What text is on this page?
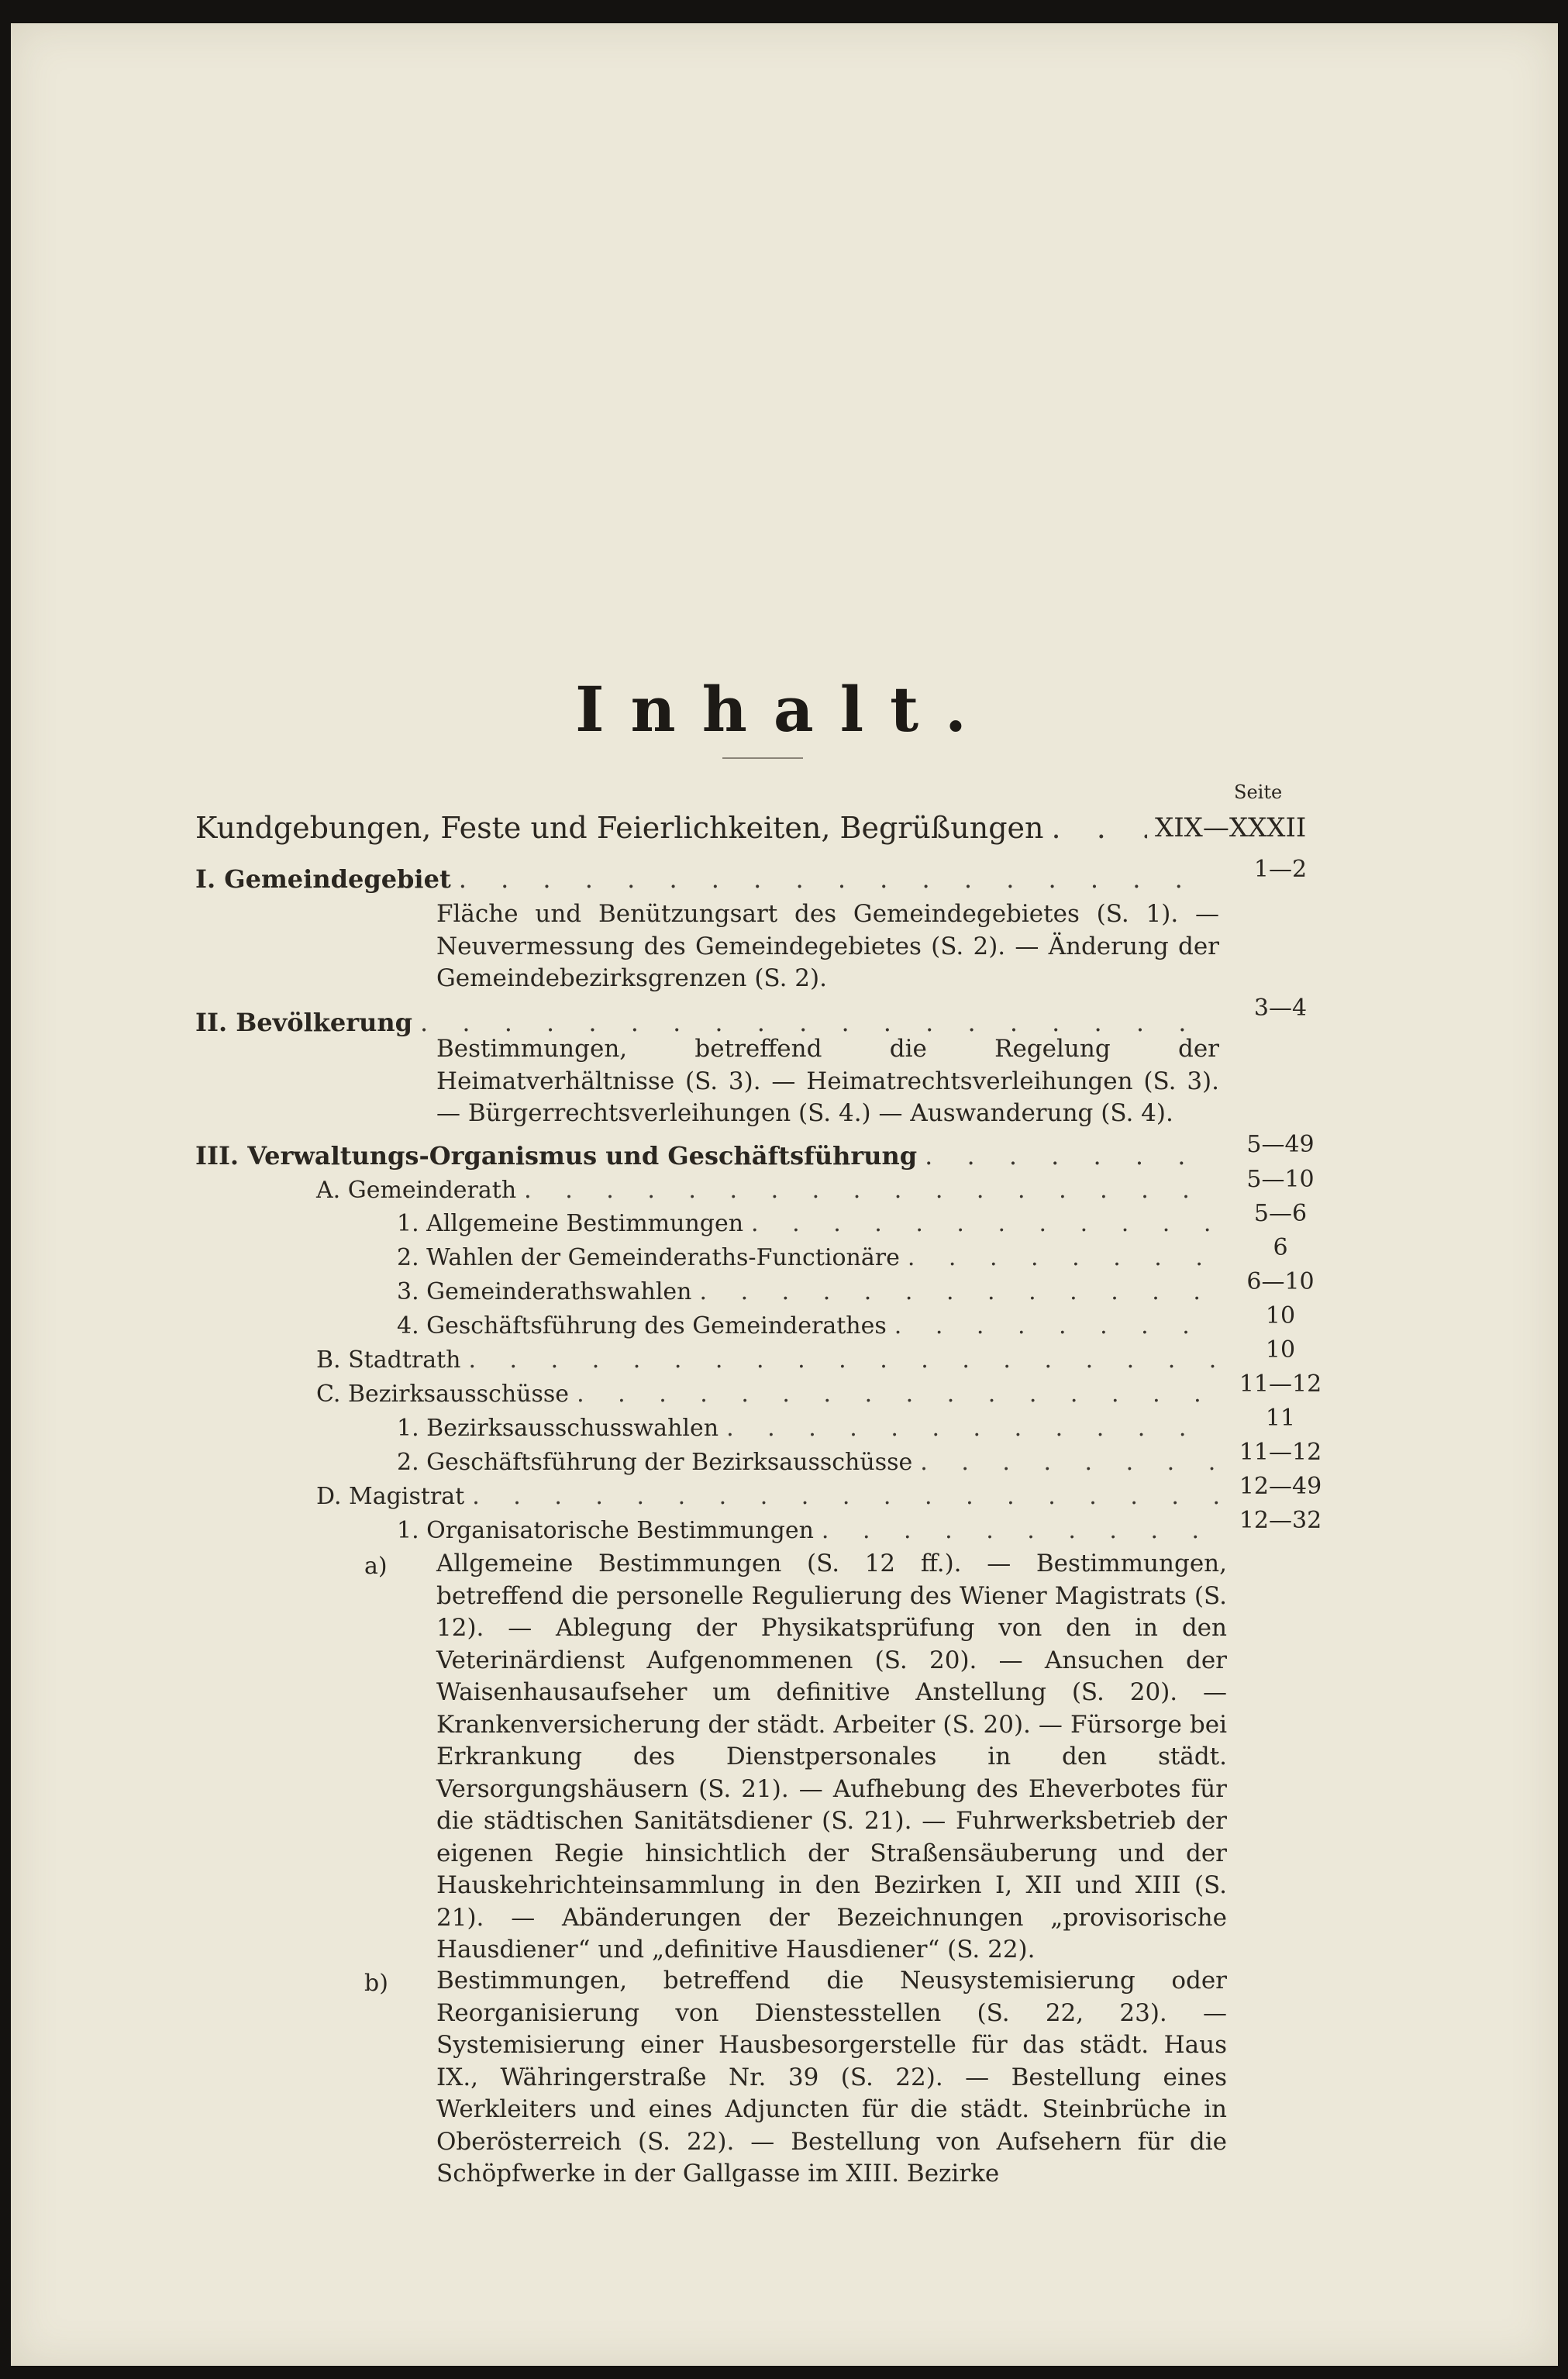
Inhalt.
Seite
Kundgebungen, Feste und Feierlichkeiten, Begrüßungen . . .	XIX—XXXII
I. Gemeindegebiet . . .	1—2

Fläche und Benützungsart des Gemeindegebietes (S. 1). — Neuvermessung des Gemeindegebietes (S. 2). — Änderung der Gemeindebezirksgrenzen (S. 2).

II. Bevölkerung . . .	3—4

Bestimmungen, betreffend die Regelung der Heimatverhältnisse (S. 3). — Heimatrechtsverleihungen (S. 3). — Bürgerrechtsverleihungen (S. 4.) — Auswanderung (S. 4).

III. Verwaltungs-Organismus und Geschäftsführung . . .	5—49
A. Gemeinderath . . .	5—10
1. Allgemeine Bestimmungen . . .	5—6
2. Wahlen der Gemeinderaths-Functionäre . . .	6
3. Gemeinderathswahlen . . .	6—10
4. Geschäftsführung des Gemeinderathes . . .	10
B. Stadtrath . . .	10
C. Bezirksausschüsse . . .	11—12
1. Bezirksausschusswahlen . . .	11
2. Geschäftsführung der Bezirksausschüsse . . .	11—12
D. Magistrat . . .	12—49
1. Organisatorische Bestimmungen . . .	12—32
a) Allgemeine Bestimmungen (S. 12 ff.). — Bestimmungen, betreffend die personelle Regulierung des Wiener Magistrats (S. 12). — Ablegung der Physikatsprüfung von den in den Veterinärdienst Aufgenommenen (S. 20). — Ansuchen der Waisenhausaufseher um definitive Anstellung (S. 20). — Krankenversicherung der städt. Arbeiter (S. 20). — Fürsorge bei Erkrankung des Dienstpersonales in den städt. Versorgungshäusern (S. 21). — Aufhebung des Eheverbotes für die städtischen Sanitätsdiener (S. 21). — Fuhrwerksbetrieb der eigenen Regie hinsichtlich der Straßensäuberung und der Hauskehrichteinsammlung in den Bezirken I, XII und XIII (S. 21). — Abänderungen der Bezeichnungen „provisorische Hausdiener“ und „definitive Hausdiener“ (S. 22).

b) Bestimmungen, betreffend die Neusystemisierung oder Reorganisierung von Dienstesstellen (S. 22, 23). — Systemisierung einer Hausbesorgerstelle für das städt. Haus IX., Währingerstraße Nr. 39 (S. 22). — Bestellung eines Werkleiters und eines Adjuncten für die städt. Steinbrüche in Oberösterreich (S. 22). — Bestellung von Aufsehern für die Schöpfwerke in der Gallgasse im XIII. Bezirke
